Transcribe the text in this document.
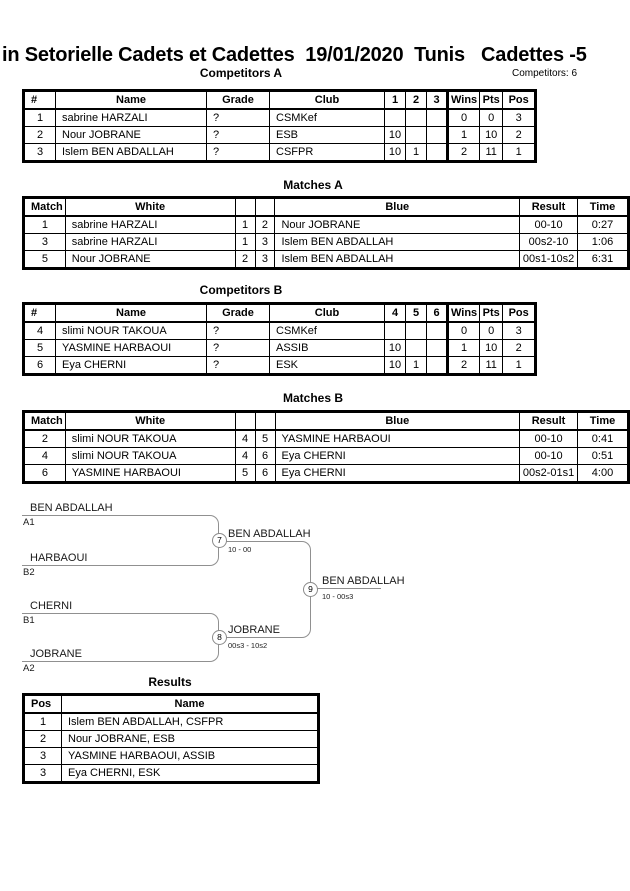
in Setorielle Cadets et Cadettes  19/01/2020  Tunis   Cadettes -5
Competitors: 6
Competitors A
#	Name	Grade	Club	1	2	3	Wins	Pts	Pos
1	sabrine HARZALI	?	CSMKef				0	0	3
2	Nour JOBRANE	?	ESB	10			1	10	2
3	Islem BEN ABDALLAH	?	CSFPR	10	1		2	11	1
Matches A
Match	White			Blue	Result	Time
1	sabrine HARZALI	1	2	Nour JOBRANE	00-10	0:27
3	sabrine HARZALI	1	3	Islem BEN ABDALLAH	00s2-10	1:06
5	Nour JOBRANE	2	3	Islem BEN ABDALLAH	00s1-10s2	6:31
Competitors B
#	Name	Grade	Club	4	5	6	Wins	Pts	Pos
4	slimi NOUR TAKOUA	?	CSMKef				0	0	3
5	YASMINE HARBAOUI	?	ASSIB	10			1	10	2
6	Eya CHERNI	?	ESK	10	1		2	11	1
Matches B
Match	White			Blue	Result	Time
2	slimi NOUR TAKOUA	4	5	YASMINE HARBAOUI	00-10	0:41
4	slimi NOUR TAKOUA	4	6	Eya CHERNI	00-10	0:51
6	YASMINE HARBAOUI	5	6	Eya CHERNI	00s2-01s1	4:00
BEN ABDALLAH
A1
HARBAOUI
B2
7 BEN ABDALLAH
10 - 00
9
BEN ABDALLAH
10 - 00s3
CHERNI
B1
JOBRANE
A2
8
JOBRANE
00s3 - 10s2
Results
Pos	Name
1	Islem BEN ABDALLAH, CSFPR
2	Nour JOBRANE, ESB
3	YASMINE HARBAOUI, ASSIB
3	Eya CHERNI, ESK
